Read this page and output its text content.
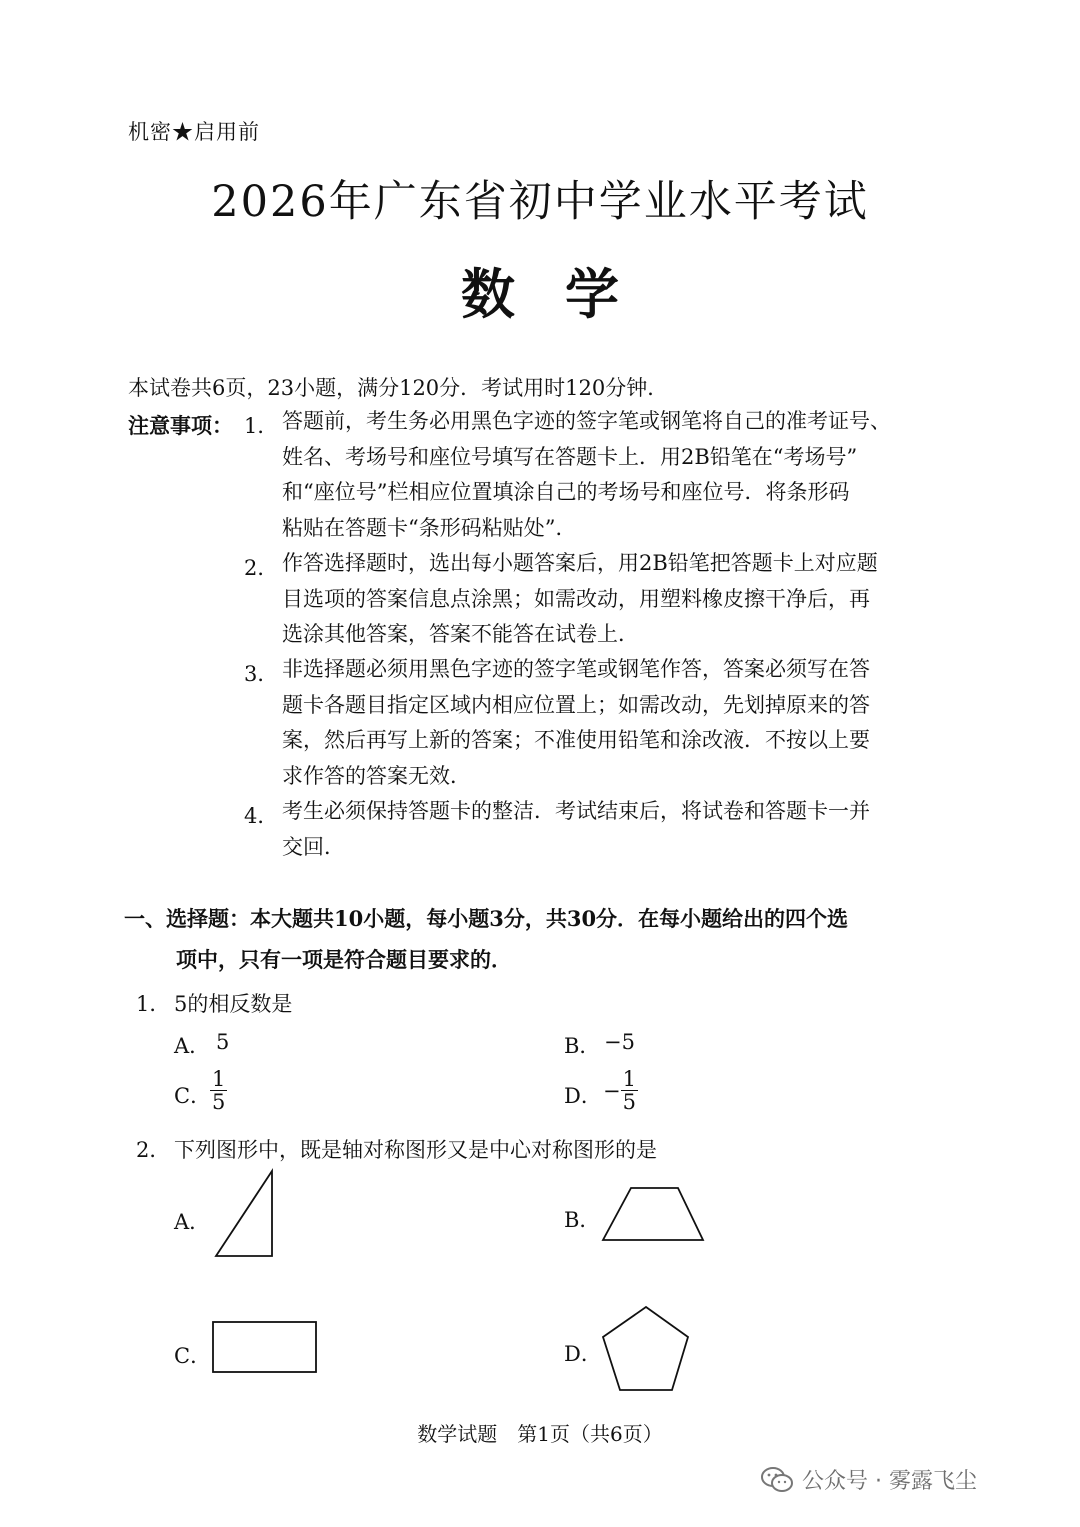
机密★启用前
2026年广东省初中学业水平考试
数学
本试卷共6页，23小题，满分120分．考试用时120分钟．
注意事项： 1． 答题前，考生务必用黑色字迹的签字笔或钢笔将自己的准考证号、
姓名、考场号和座位号填写在答题卡上．用2B铅笔在“考场号”
和“座位号”栏相应位置填涂自己的考场号和座位号．将条形码
粘贴在答题卡“条形码粘贴处”．
2． 作答选择题时，选出每小题答案后，用2B铅笔把答题卡上对应题
目选项的答案信息点涂黑；如需改动，用塑料橡皮擦干净后，再
选涂其他答案，答案不能答在试卷上．
3． 非选择题必须用黑色字迹的签字笔或钢笔作答，答案必须写在答
题卡各题目指定区域内相应位置上；如需改动，先划掉原来的答
案，然后再写上新的答案；不准使用铅笔和涂改液．不按以上要
求作答的答案无效．
4． 考生必须保持答题卡的整洁．考试结束后，将试卷和答题卡一并
交回．
一、选择题：本大题共10小题，每小题3分，共30分．在每小题给出的四个选
项中，只有一项是符合题目要求的．
1． 5的相反数是
A． 5	B． −5
C．
$\frac{1}{5}$	D． − $\frac{1}{5}$
2． 下列图形中，既是轴对称图形又是中心对称图形的是
A．	B．
C．	D．
数学试题　第1页（共6页）
公众号 · 雾露飞尘
